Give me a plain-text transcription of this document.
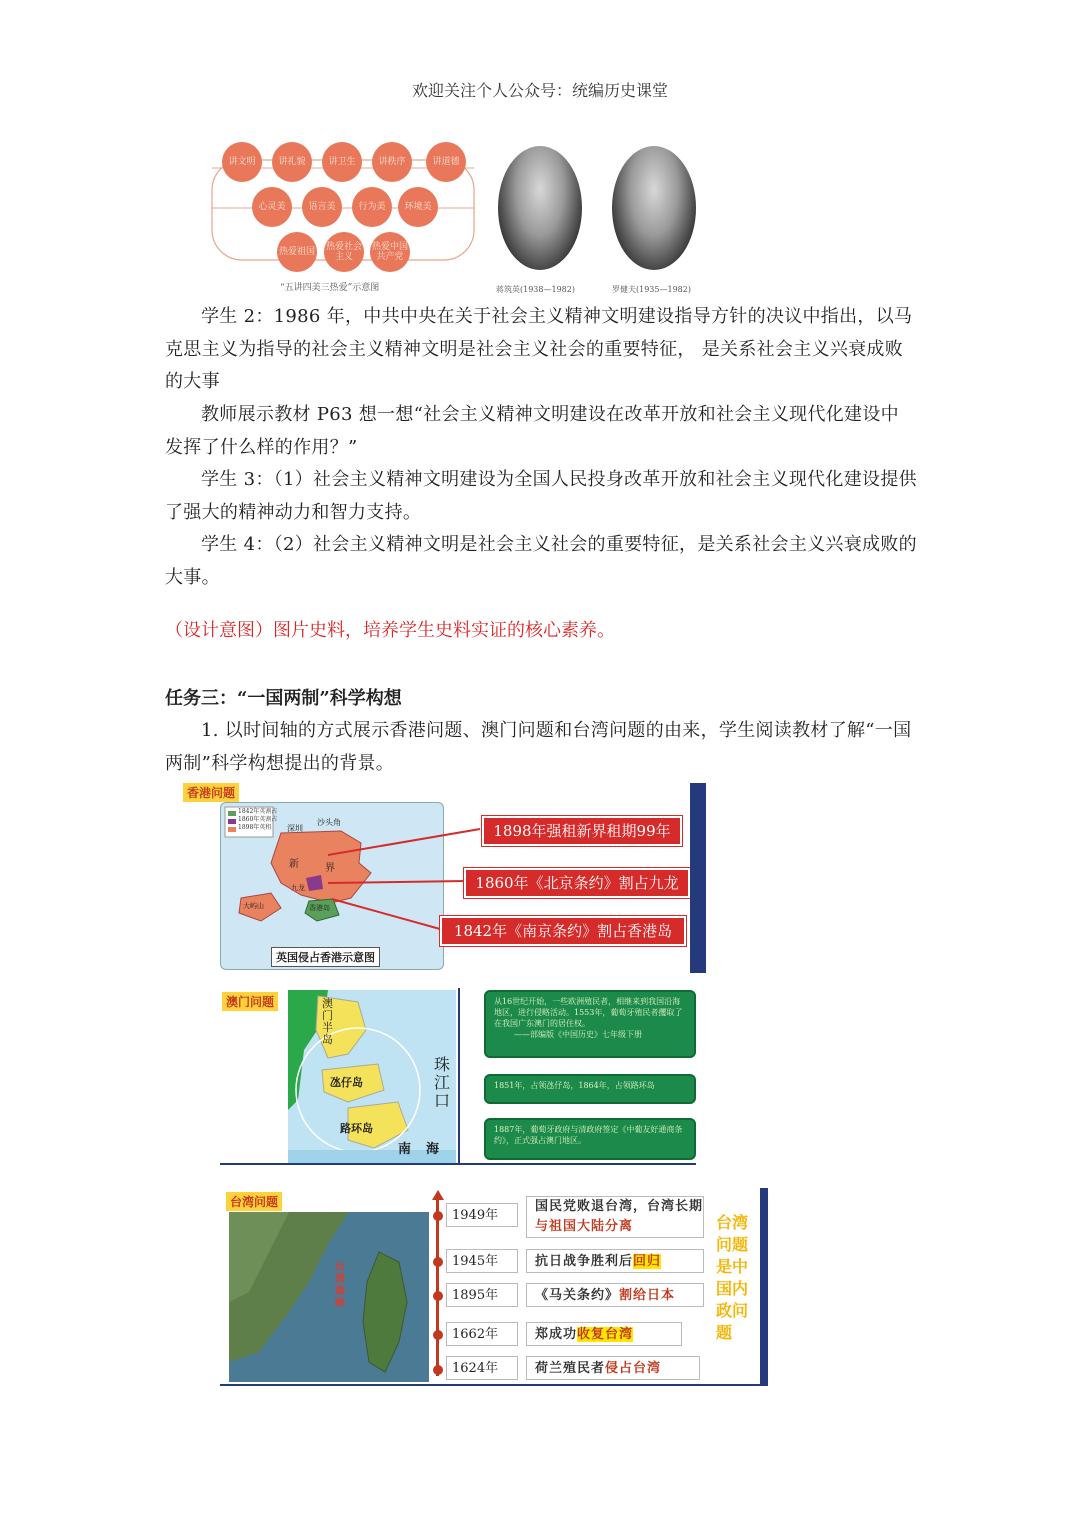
欢迎关注个人公众号：统编历史课堂
讲文明	讲礼貌	讲卫生	讲秩序	讲道德
心灵美	语言美	行为美	环境美
热爱祖国 热爱社会主义
热爱中国共产党
“五讲四美三热爱”示意图	蒋筑英(1938—1982)	罗健夫(1935—1982)
学生 2：1986 年，中共中央在关于社会主义精神文明建设指导方针的决议中指出，以马克思主义为指导的社会主义精神文明是社会主义社会的重要特征， 是关系社会主义兴衰成败的大事
教师展示教材 P63 想一想“社会主义精神文明建设在改革开放和社会主义现代化建设中发挥了什么样的作用？”
学生 3：（1）社会主义精神文明建设为全国人民投身改革开放和社会主义现代化建设提供了强大的精神动力和智力支持。
学生 4：（2）社会主义精神文明是社会主义社会的重要特征，是关系社会主义兴衰成败的大事。
（设计意图）图片史料，培养学生史料实证的核心素养。
任务三：“一国两制”科学构想
1. 以时间轴的方式展示香港问题、澳门问题和台湾问题的由来，学生阅读教材了解“一国两制”科学构想提出的背景。
香港问题
1842年英割占
1860年英割占
1898年英租 深圳
沙头角
新	界
大屿山
九龙
香港岛
英国侵占香港示意图
1898年强租新界租期99年
1860年《北京条约》割占九龙
1842年《南京条约》割占香港岛
澳门问题	澳门半岛
氹仔岛
路环岛
珠江口
南 海
从16世纪开始，一些欧洲殖民者，相继来到我国沿海地区，进行侵略活动。1553年，葡萄牙殖民者攫取了在我国广东澳门的居住权。
——部编版《中国历史》七年级下册
1851年，占领氹仔岛，1864年，占领路环岛
1887年，葡萄牙政府与清政府签定《中葡友好通商条约》，正式强占澳门地区。
台湾问题
台湾海峡
1949年
国民党败退台湾，台湾长期与祖国大陆分离
1945年	抗日战争胜利后回归
1895年	《马关条约》割给日本
1662年	郑成功收复台湾
1624年	荷兰殖民者侵占台湾
台湾问题是中国内政问题
